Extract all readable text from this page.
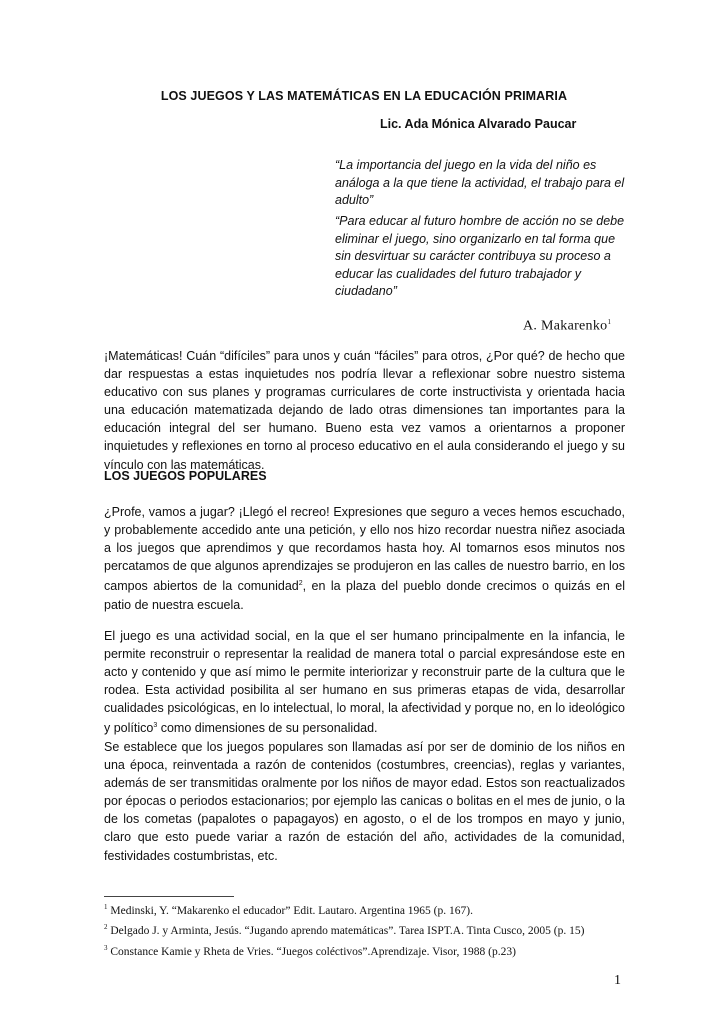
LOS JUEGOS Y LAS MATEMÁTICAS EN LA EDUCACIÓN PRIMARIA
Lic. Ada Mónica Alvarado Paucar
“La importancia del juego en la vida del niño es análoga a la que tiene la actividad, el trabajo para el adulto”
“Para educar al futuro hombre de acción no se debe eliminar el juego, sino organizarlo en tal forma que sin desvirtuar su carácter contribuya su proceso a educar las cualidades del futuro trabajador y ciudadano”
A. Makarenko$^1$
¡Matemáticas! Cuán “difíciles” para unos y cuán “fáciles” para otros, ¿Por qué? de hecho que dar respuestas a estas inquietudes nos podría llevar a reflexionar sobre nuestro sistema educativo con sus planes y programas curriculares de corte instructivista y orientada hacia una educación matematizada dejando de lado otras dimensiones tan importantes para la educación integral del ser humano. Bueno esta vez vamos a orientarnos a proponer inquietudes y reflexiones en torno al proceso educativo en el aula considerando el juego y su vínculo con las matemáticas.
LOS JUEGOS POPULARES
¿Profe, vamos a jugar? ¡Llegó el recreo! Expresiones que seguro a veces hemos escuchado, y probablemente accedido ante una petición, y ello nos hizo recordar nuestra niñez asociada a los juegos que aprendimos y que recordamos hasta hoy. Al tomarnos esos minutos nos percatamos de que algunos aprendizajes se produjeron en las calles de nuestro barrio, en los campos abiertos de la comunidad$^2$, en la plaza del pueblo donde crecimos o quizás en el patio de nuestra escuela.
El juego es una actividad social, en la que el ser humano principalmente en la infancia, le permite reconstruir o representar la realidad de manera total o parcial expresándose este en acto y contenido y que así mimo le permite interiorizar y reconstruir parte de la cultura que le rodea. Esta actividad posibilita al ser humano en sus primeras etapas de vida, desarrollar cualidades psicológicas, en lo intelectual, lo moral, la afectividad y porque no, en lo ideológico y político$^3$ como dimensiones de su personalidad.
Se establece que los juegos populares son llamadas así por ser de dominio de los niños en una época, reinventada a razón de contenidos (costumbres, creencias), reglas y variantes, además de ser transmitidas oralmente por los niños de mayor edad. Estos son reactualizados por épocas o periodos estacionarios; por ejemplo las canicas o bolitas en el mes de junio, o la de los cometas (papalotes o papagayos) en agosto, o el de los trompos en mayo y junio, claro que esto puede variar a razón de estación del año, actividades de la comunidad, festividades costumbristas, etc.
$^1$ Medinski, Y. “Makarenko el educador” Edit. Lautaro. Argentina 1965 (p. 167).
$^2$ Delgado J. y Arminta, Jesús. “Jugando aprendo matemáticas”. Tarea ISPT.A. Tinta Cusco, 2005 (p. 15)
$^3$ Constance Kamie y Rheta de Vries. “Juegos coléctivos”.Aprendizaje. Visor, 1988 (p.23)
1
